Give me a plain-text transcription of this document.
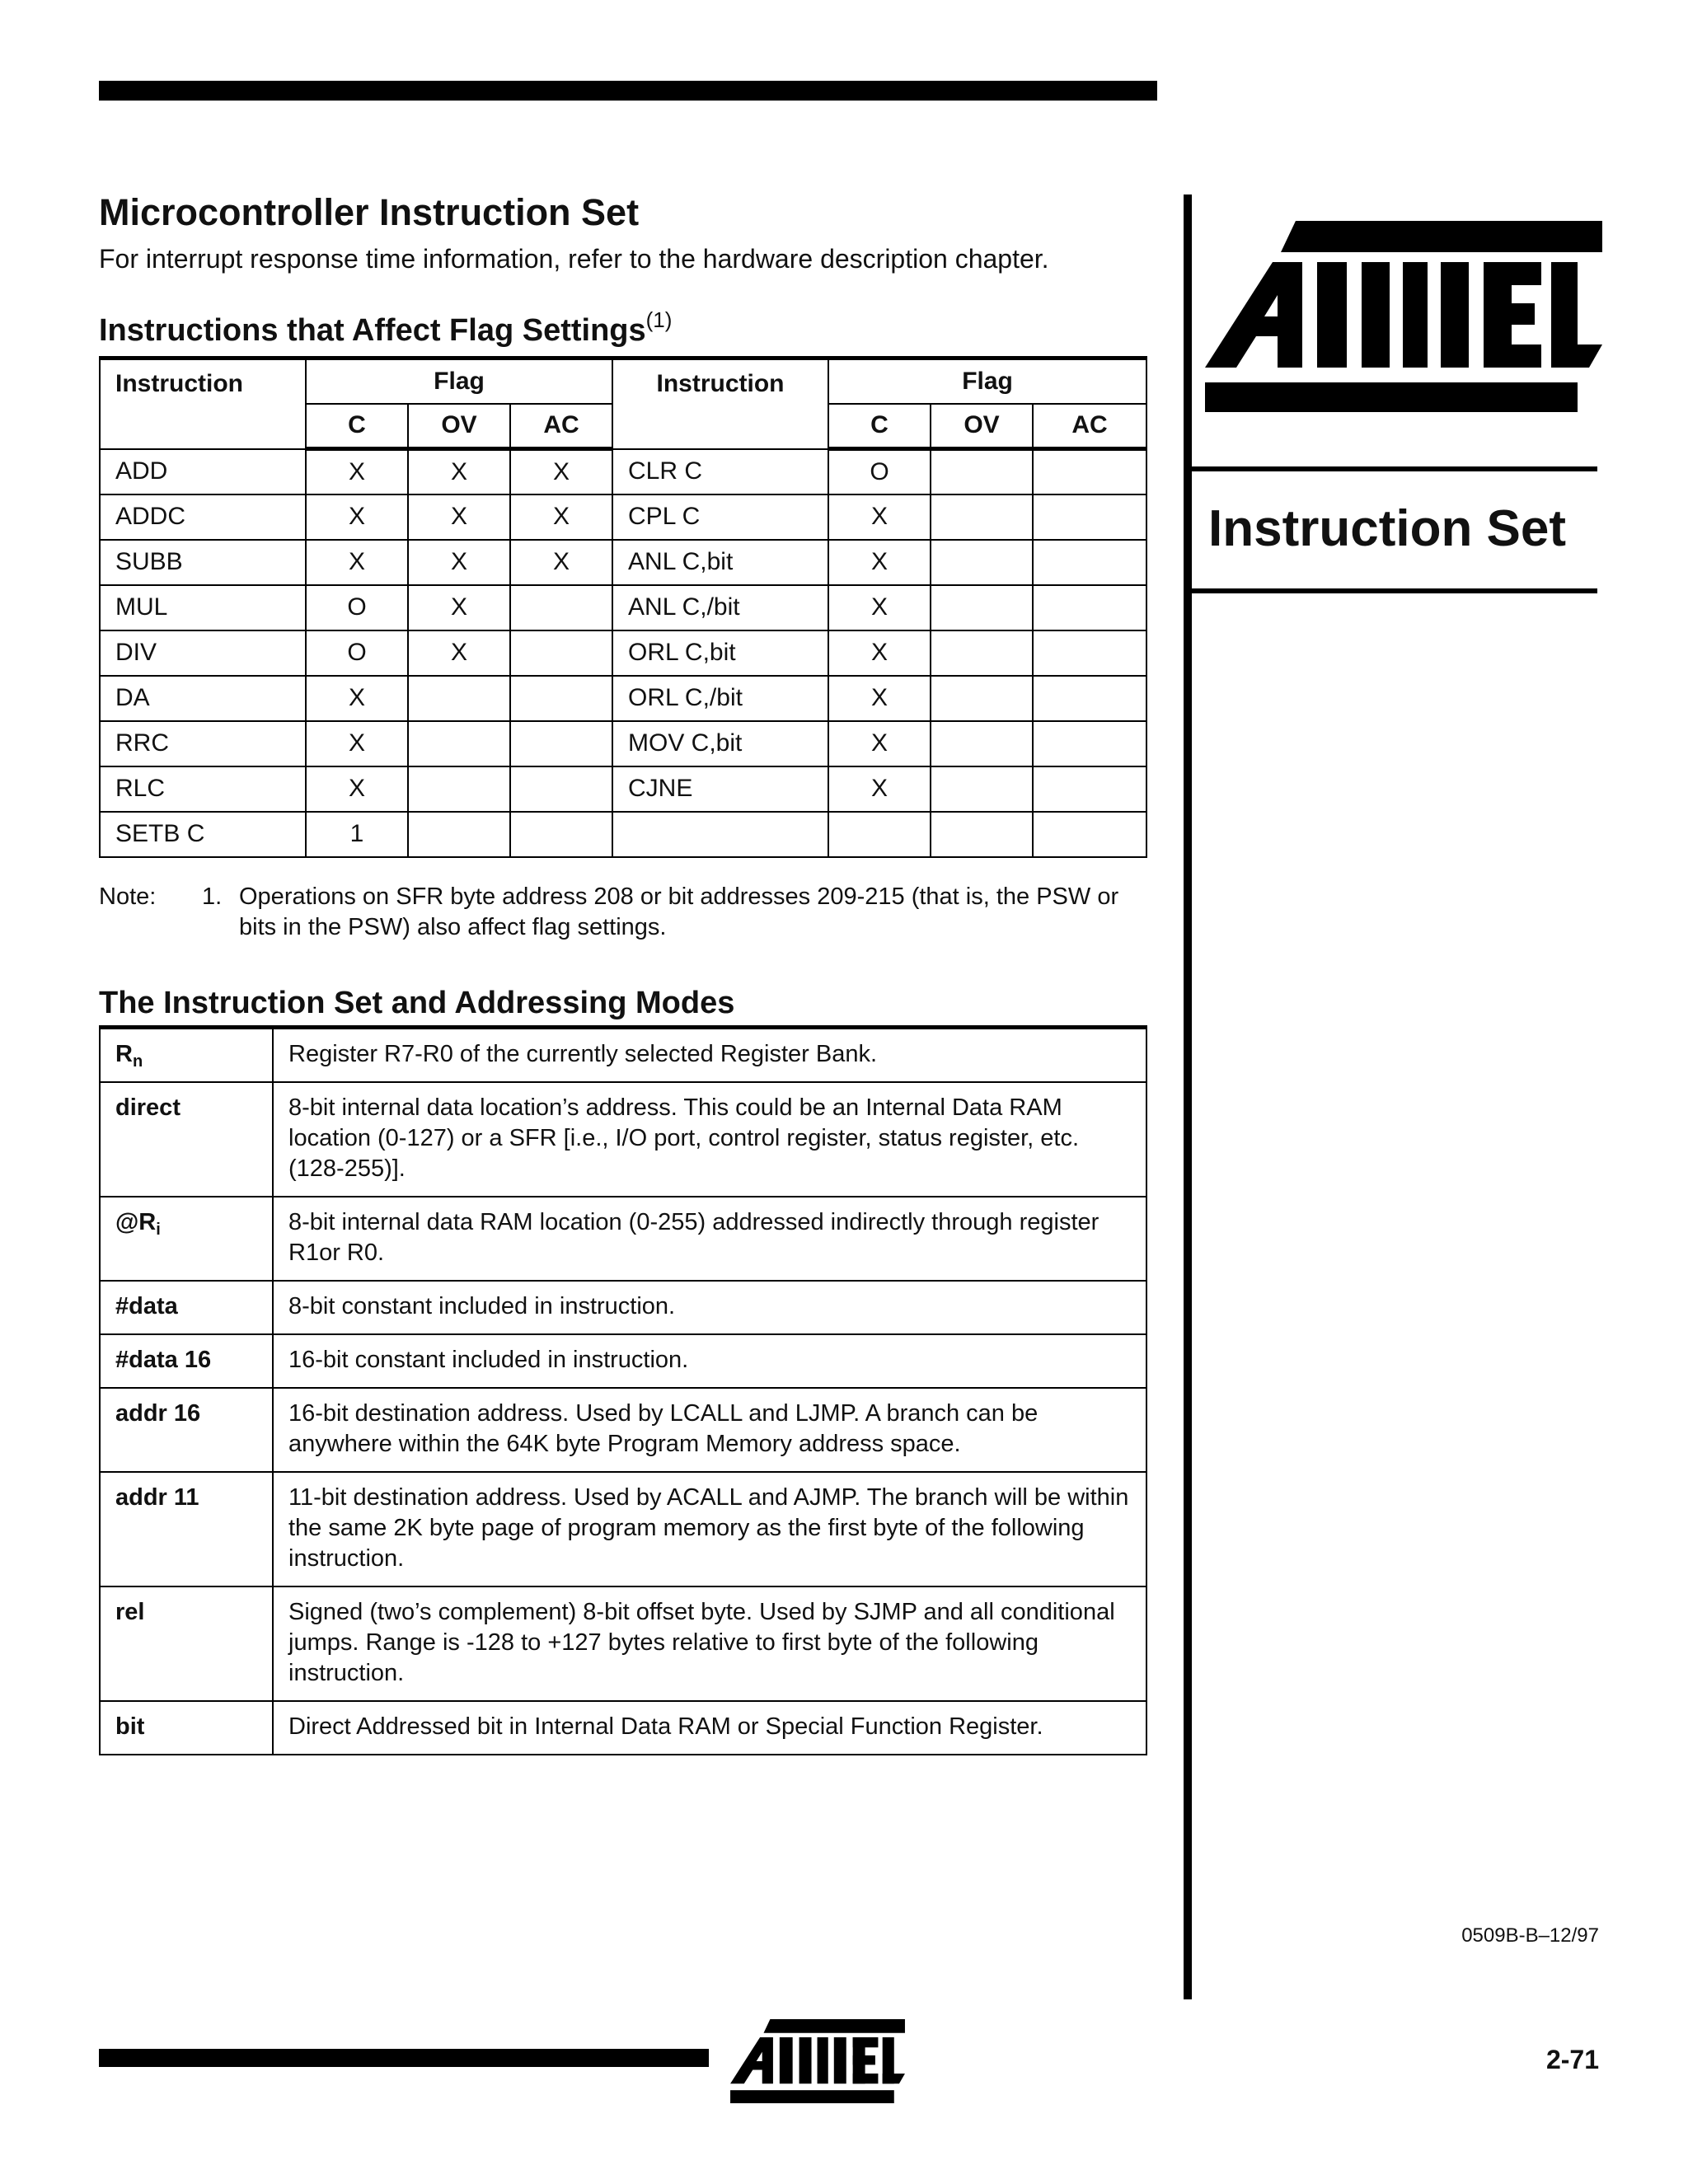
Instruction Set
Microcontroller Instruction Set
For interrupt response time information, refer to the hardware description chapter.
Instructions that Affect Flag Settings$^{(1)}$
Instruction	Flag			Instruction	Flag		
	C	OV	AC		C	OV	AC
ADD	X	X	X	CLR C	O		
ADDC	X	X	X	CPL C	X		
SUBB	X	X	X	ANL C,bit	X		
MUL	O	X		ANL C,/bit	X		
DIV	O	X		ORL C,bit	X		
DA	X			ORL C,/bit	X		
RRC	X			MOV C,bit	X		
RLC	X			CJNE	X		
SETB C	1						
Note: 1. Operations on SFR byte address 208 or bit addresses 209-215 (that is, the PSW or bits in the PSW) also affect flag settings.
The Instruction Set and Addressing Modes
$R_n$	Register R7-R0 of the currently selected Register Bank.
direct	8-bit internal data location’s address. This could be an Internal Data RAM location (0-127) or a SFR [i.e., I/O port, control register, status register, etc. (128-255)].
$@R_i$	8-bit internal data RAM location (0-255) addressed indirectly through register R1or R0.
#data	8-bit constant included in instruction.
#data 16	16-bit constant included in instruction.
addr 16	16-bit destination address. Used by LCALL and LJMP. A branch can be anywhere within the 64K byte Program Memory address space.
addr 11	11-bit destination address. Used by ACALL and AJMP. The branch will be within the same 2K byte page of program memory as the first byte of the following instruction.
rel	Signed (two’s complement) 8-bit offset byte. Used by SJMP and all conditional jumps. Range is -128 to +127 bytes relative to first byte of the following instruction.
bit	Direct Addressed bit in Internal Data RAM or Special Function Register.
0509B-B–12/97
2-71
